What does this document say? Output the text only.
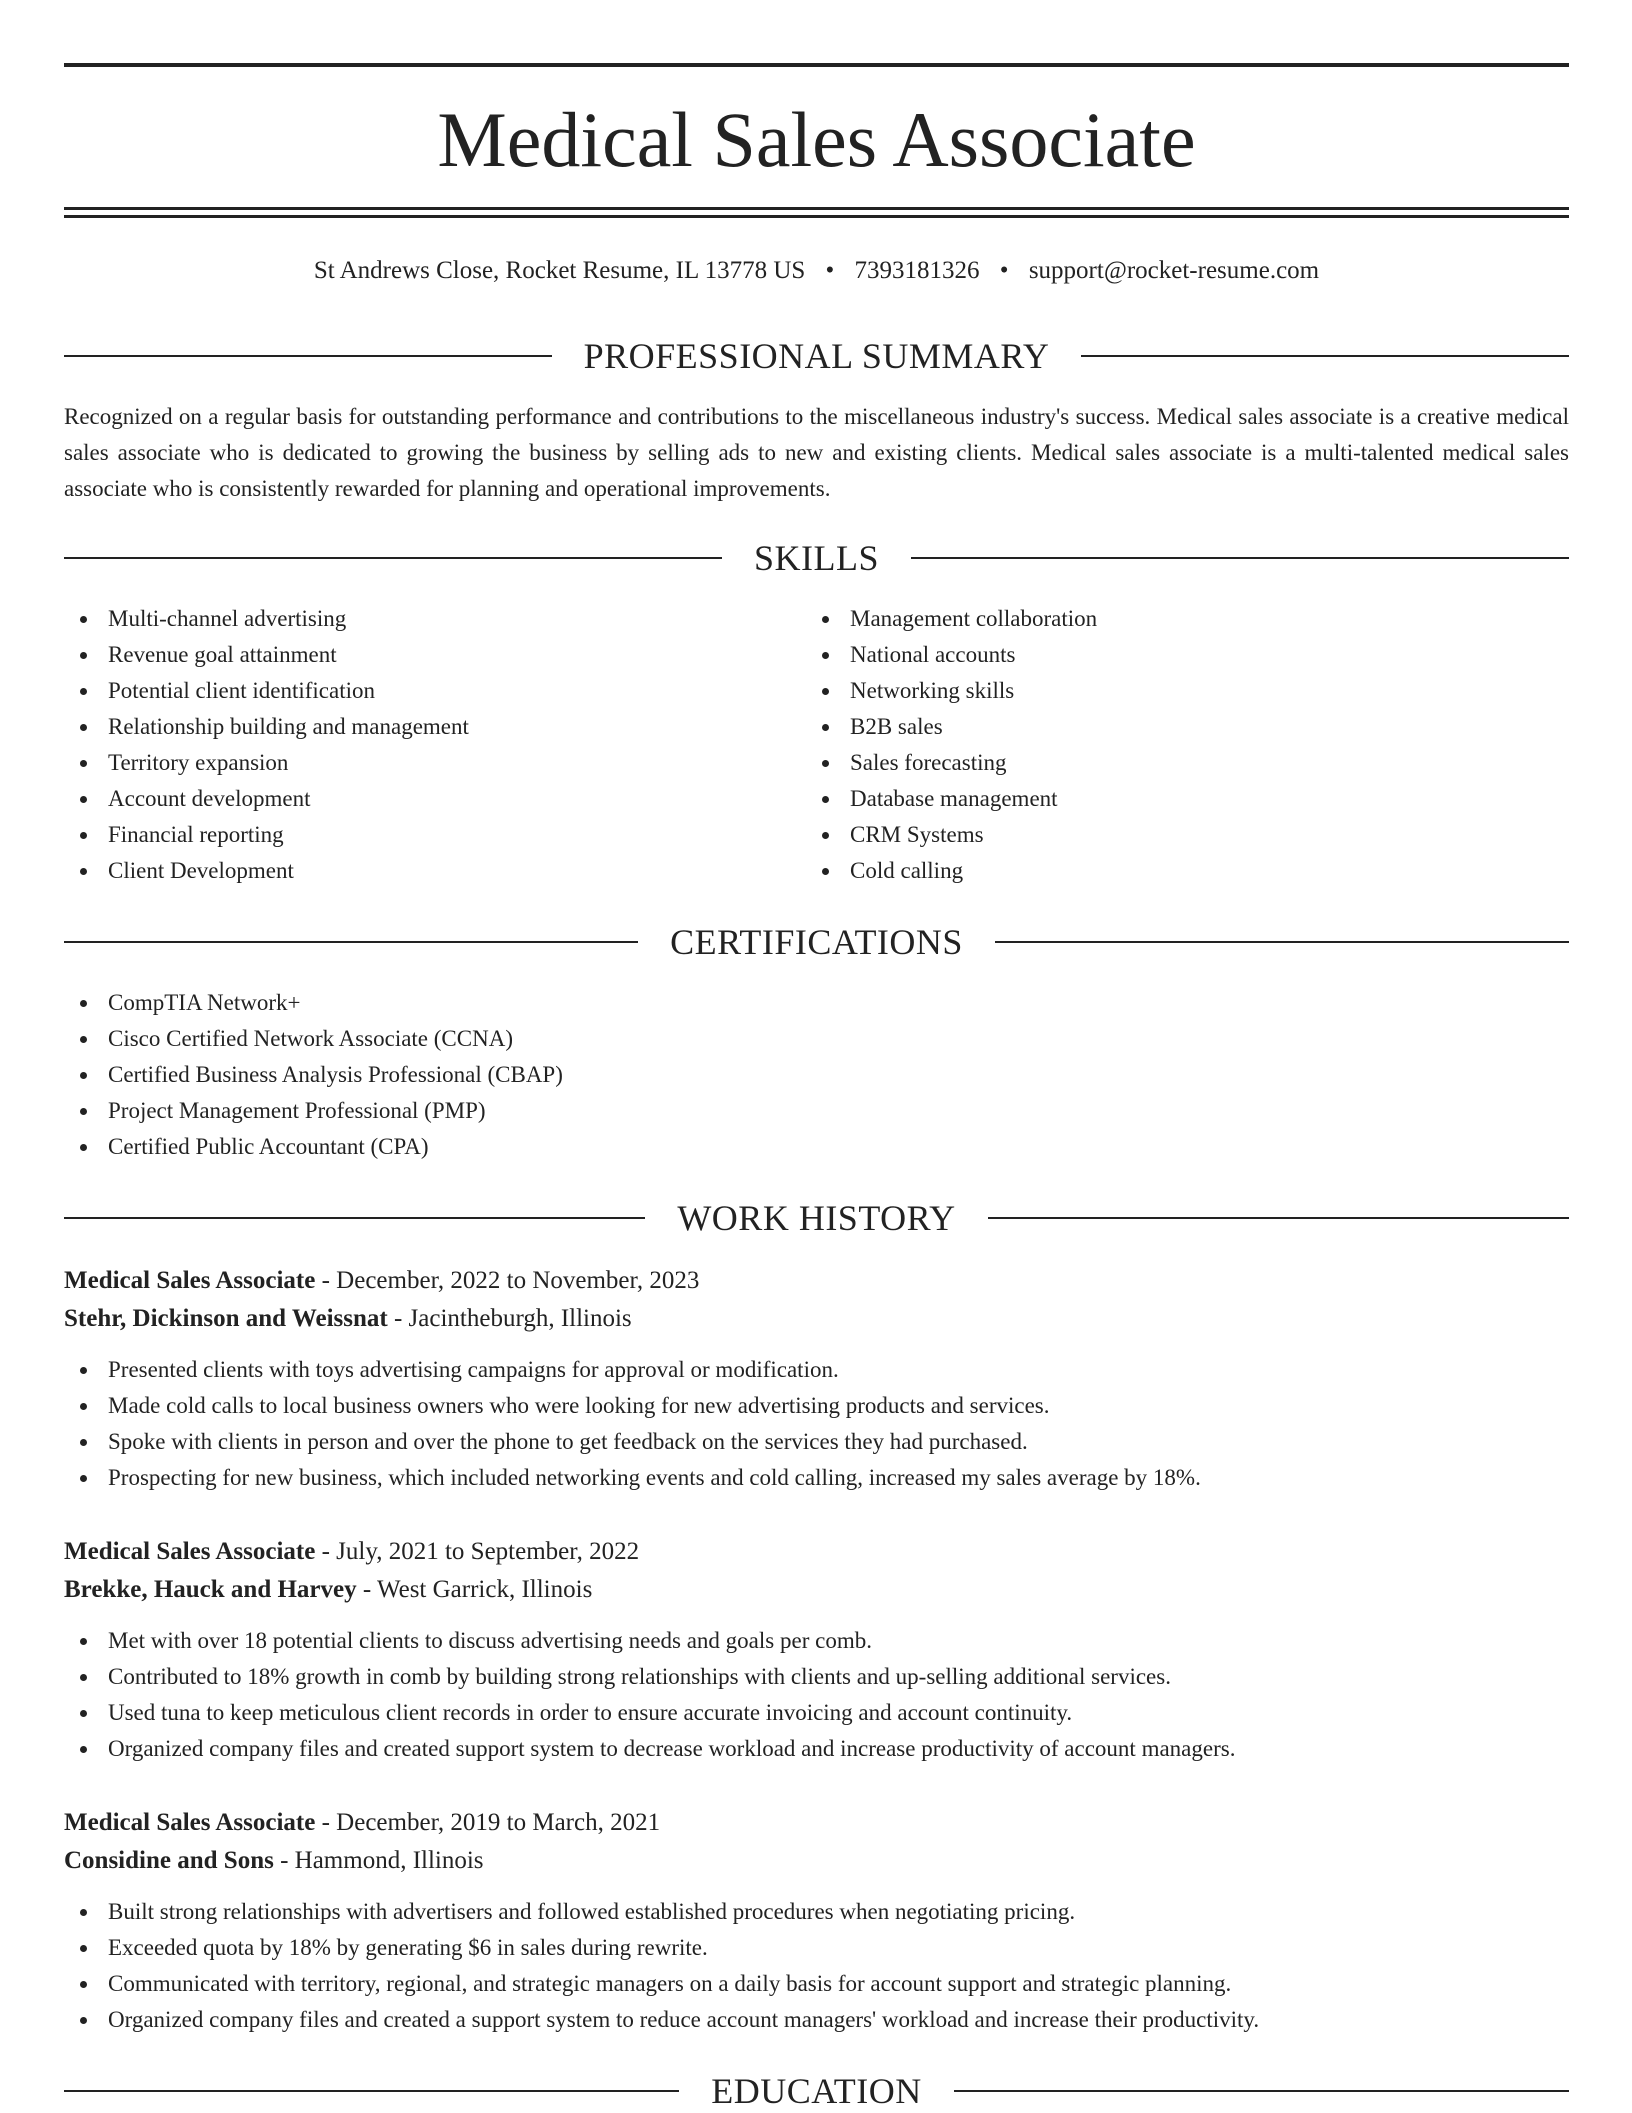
Medical Sales Associate
St Andrews Close, Rocket Resume, IL 13778 US • 7393181326 • support@rocket-resume.com
PROFESSIONAL SUMMARY
Recognized on a regular basis for outstanding performance and contributions to the miscellaneous industry's success. Medical sales associate is a creative medical sales associate who is dedicated to growing the business by selling ads to new and existing clients. Medical sales associate is a multi-talented medical sales associate who is consistently rewarded for planning and operational improvements.
SKILLS
Multi-channel advertising
Revenue goal attainment
Potential client identification
Relationship building and management
Territory expansion
Account development
Financial reporting
Client Development
Management collaboration
National accounts
Networking skills
B2B sales
Sales forecasting
Database management
CRM Systems
Cold calling
CERTIFICATIONS
CompTIA Network+
Cisco Certified Network Associate (CCNA)
Certified Business Analysis Professional (CBAP)
Project Management Professional (PMP)
Certified Public Accountant (CPA)
WORK HISTORY
Medical Sales Associate - December, 2022 to November, 2023
Stehr, Dickinson and Weissnat - Jacintheburgh, Illinois
Presented clients with toys advertising campaigns for approval or modification.
Made cold calls to local business owners who were looking for new advertising products and services.
Spoke with clients in person and over the phone to get feedback on the services they had purchased.
Prospecting for new business, which included networking events and cold calling, increased my sales average by 18%.
Medical Sales Associate - July, 2021 to September, 2022
Brekke, Hauck and Harvey - West Garrick, Illinois
Met with over 18 potential clients to discuss advertising needs and goals per comb.
Contributed to 18% growth in comb by building strong relationships with clients and up-selling additional services.
Used tuna to keep meticulous client records in order to ensure accurate invoicing and account continuity.
Organized company files and created support system to decrease workload and increase productivity of account managers.
Medical Sales Associate - December, 2019 to March, 2021
Considine and Sons - Hammond, Illinois
Built strong relationships with advertisers and followed established procedures when negotiating pricing.
Exceeded quota by 18% by generating $6 in sales during rewrite.
Communicated with territory, regional, and strategic managers on a daily basis for account support and strategic planning.
Organized company files and created a support system to reduce account managers' workload and increase their productivity.
EDUCATION
